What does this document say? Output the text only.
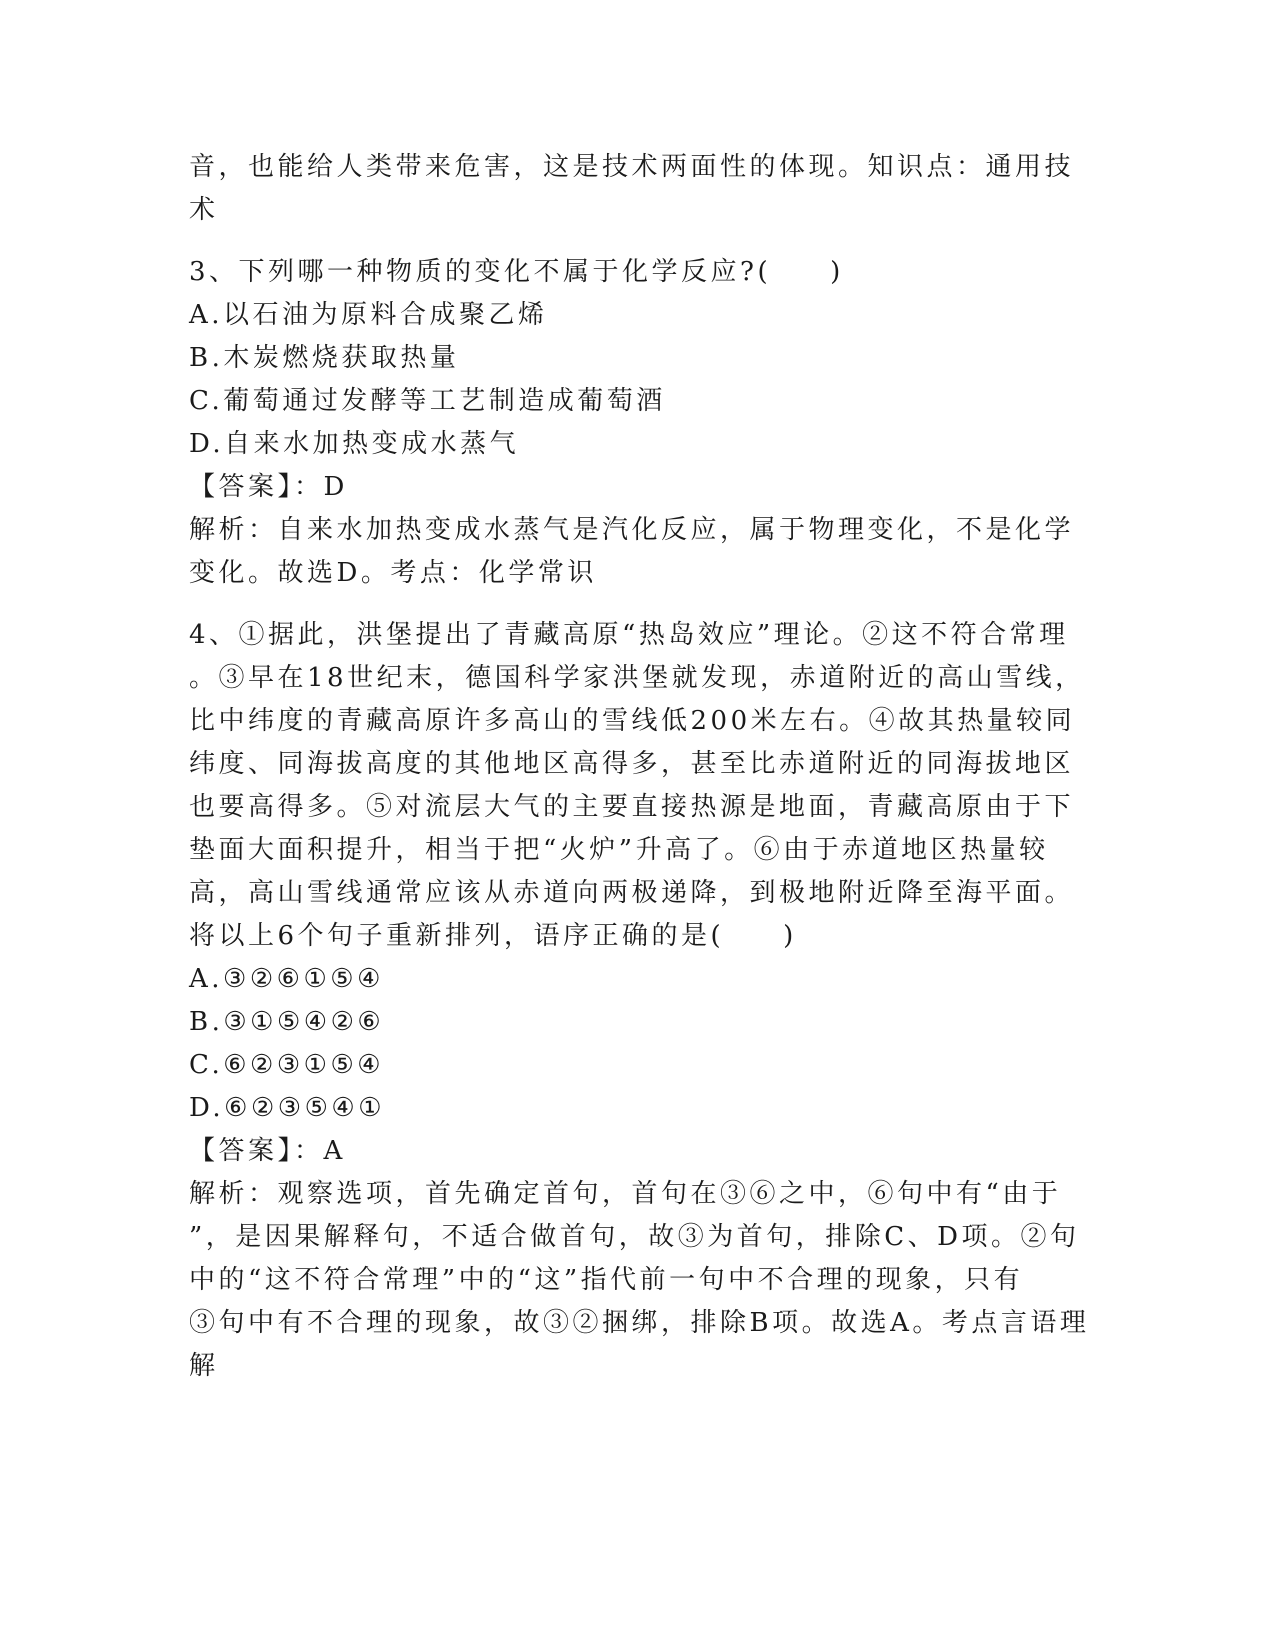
音，也能给人类带来危害，这是技术两面性的体现。知识点：通用技
术
3、下列哪一种物质的变化不属于化学反应?(　　)
A.以石油为原料合成聚乙烯
B.木炭燃烧获取热量
C.葡萄通过发酵等工艺制造成葡萄酒
D.自来水加热变成水蒸气
【答案】：D
解析：自来水加热变成水蒸气是汽化反应，属于物理变化，不是化学
变化。故选D。考点：化学常识
4、①据此，洪堡提出了青藏高原“热岛效应”理论。②这不符合常理
。③早在18世纪末，德国科学家洪堡就发现，赤道附近的高山雪线，
比中纬度的青藏高原许多高山的雪线低200米左右。④故其热量较同
纬度、同海拔高度的其他地区高得多，甚至比赤道附近的同海拔地区
也要高得多。⑤对流层大气的主要直接热源是地面，青藏高原由于下
垫面大面积提升，相当于把“火炉”升高了。⑥由于赤道地区热量较
高，高山雪线通常应该从赤道向两极递降，到极地附近降至海平面。
将以上6个句子重新排列，语序正确的是(　　)
A.③②⑥①⑤④
B.③①⑤④②⑥
C.⑥②③①⑤④
D.⑥②③⑤④①
【答案】：A
解析：观察选项，首先确定首句，首句在③⑥之中，⑥句中有“由于
”，是因果解释句，不适合做首句，故③为首句，排除C、D项。②句
中的“这不符合常理”中的“这”指代前一句中不合理的现象，只有
③句中有不合理的现象，故③②捆绑，排除B项。故选A。考点言语理
解
